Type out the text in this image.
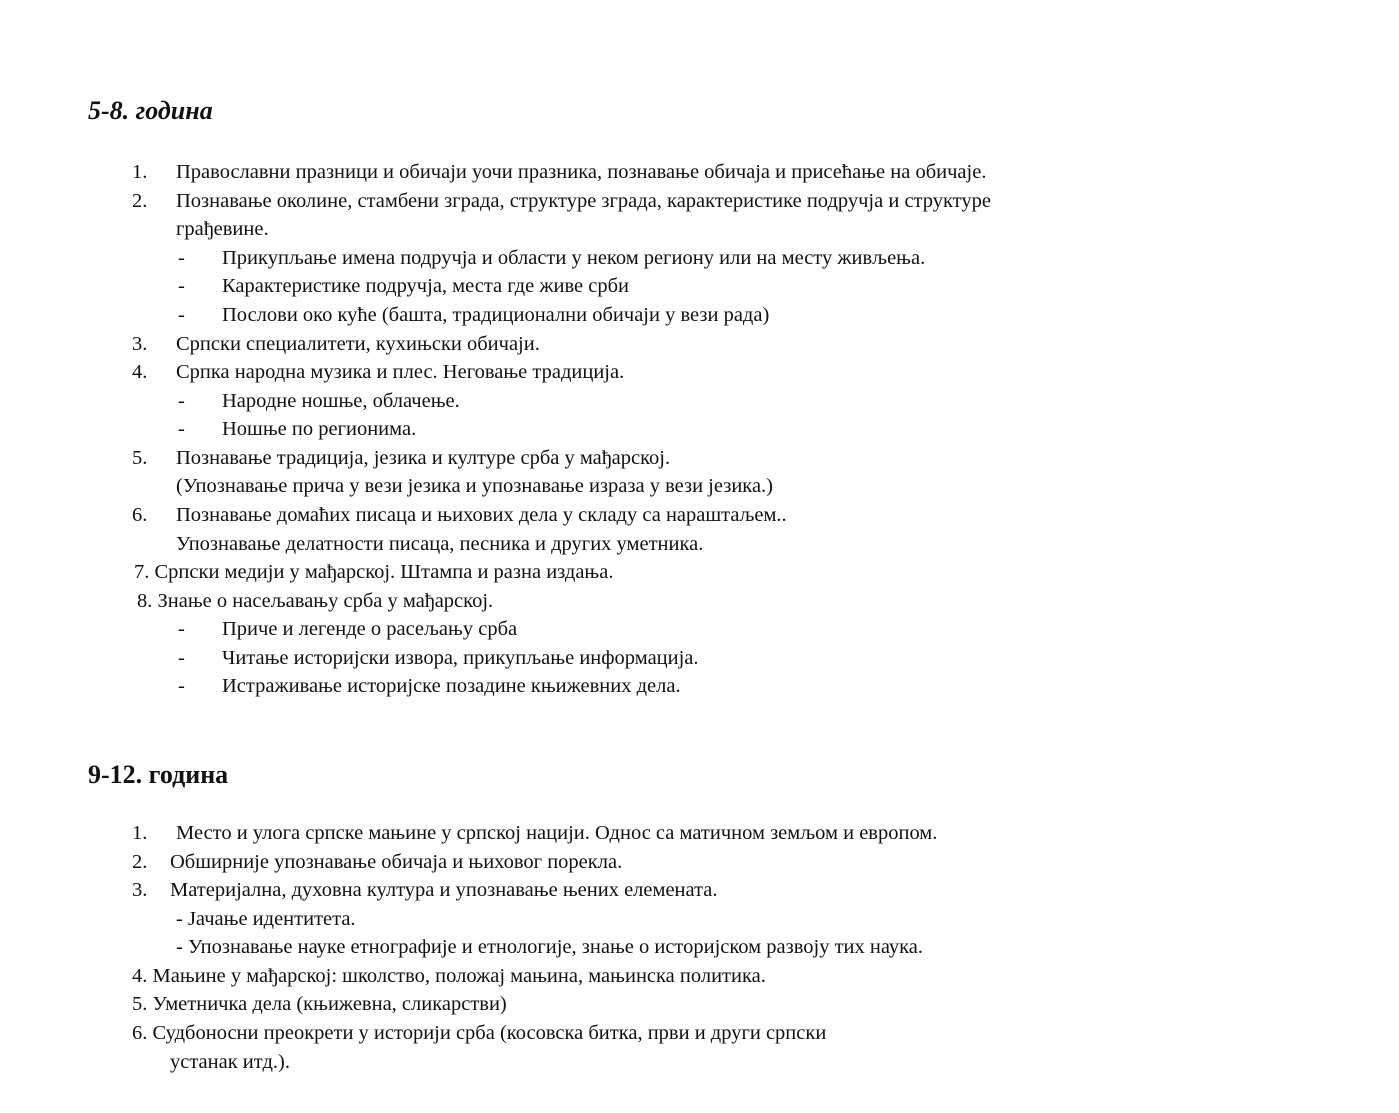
5-8. година
1. Православни празници и обичаји уочи празника, познавање обичаја и присећање на обичаје.
2. Познавање околине, стамбени зграда, структуре зграда, карактеристике подручја и структуре
грађевине.
- Прикупљање имена подручја и области у неком региону или на месту живљења.
- Карактеристике подручја, места где живе срби
- Послови око куће (башта, традиционални обичаји у вези рада)
3. Српски специалитети, кухињски обичаји.
4. Српка народна музика и плес. Неговање традиција.
- Народне ношње, облачење.
- Ношње по регионима.
5. Познавање традиција, језика и културе срба у мађарској.
(Упознавање прича у вези језика и упознавање израза у вези језика.)
6. Познавање домаћих писаца и њихових дела у складу са нараштаљем..
Упознавање делатности писаца, песника и других уметника.
7. Српски медији у мађарској. Штампа и разна издања.
8. Знање о насељавању срба у мађарској.
- Приче и легенде о расељању срба
- Читање историјски извора, прикупљање информација.
- Истраживање историјске позадине књижевних дела.
9-12. година
1. Место и улога српске мањине у српској нацији. Однос са матичном земљом и европом.
2. Обширније упознавање обичаја и њиховог порекла.
3. Материјална, духовна култура и упознавање њених елемената.
- Јачање идентитета.
- Упознавање науке етнографије и етнологије, знање о историјском развоју тих наука.
4. Мањине у мађарској: школство, положај мањина, мањинска политика.
5. Уметничка дела (књижевна, сликарстви)
6. Судбоносни преокрети у историји срба (косовска битка, први и други српски
устанак итд.).
